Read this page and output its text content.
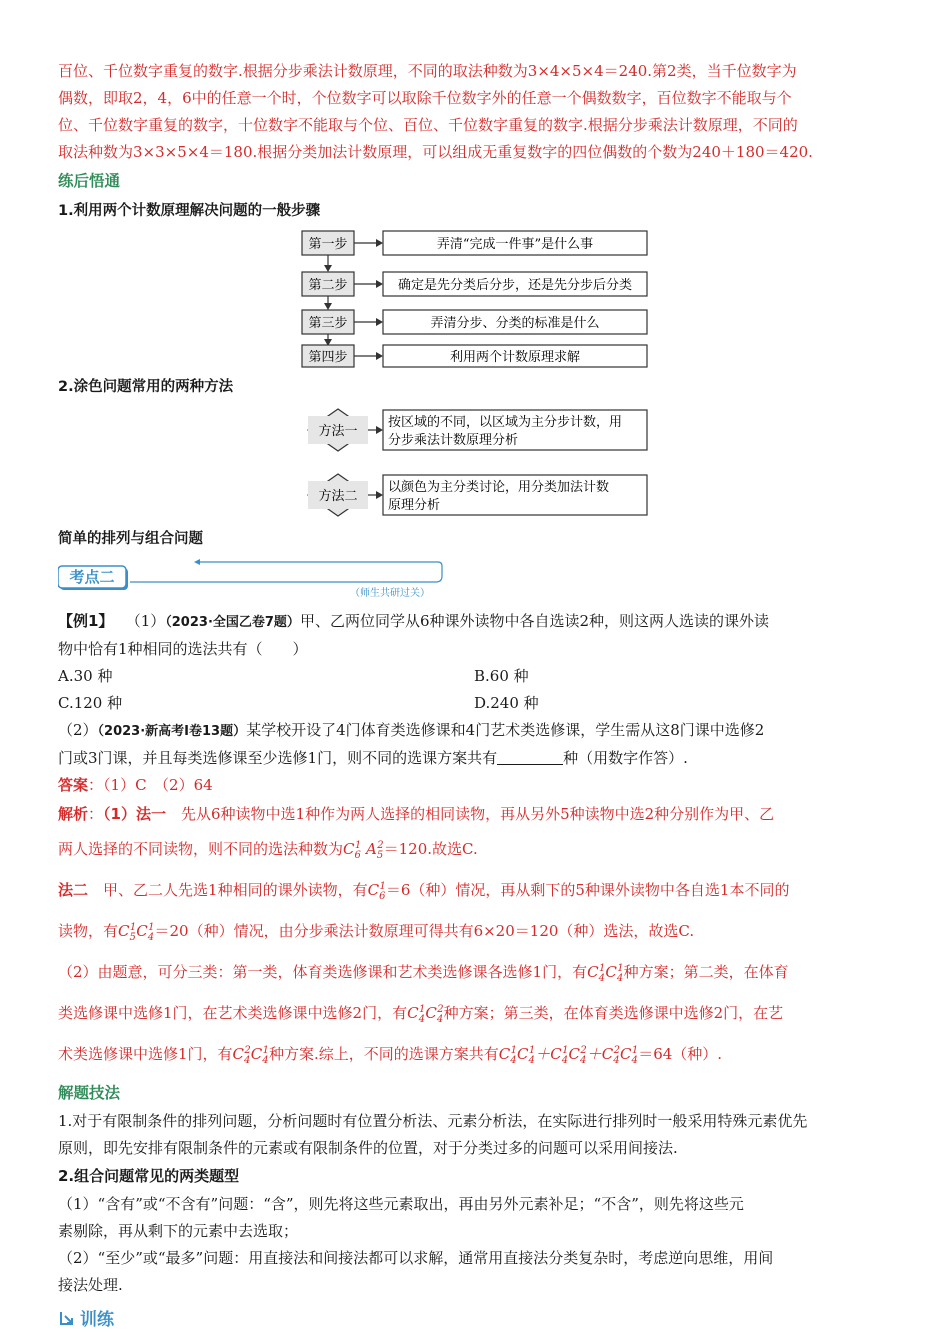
百位、千位数字重复的数字.根据分步乘法计数原理，不同的取法种数为3×4×5×4＝240.第2类，当千位数字为

偶数，即取2，4，6中的任意一个时，个位数字可以取除千位数字外的任意一个偶数数字，百位数字不能取与个

位、千位数字重复的数字，十位数字不能取与个位、百位、千位数字重复的数字.根据分步乘法计数原理，不同的

取法种数为3×3×5×4＝180.根据分类加法计数原理，可以组成无重复数字的四位偶数的个数为240＋180＝420.

练后悟通

1.利用两个计数原理解决问题的一般步骤

第一步	弄清“完成一件事”是什么事
第二步	确定是先分类后分步，还是先分步后分类
第三步	弄清分步、分类的标准是什么
第四步	利用两个计数原理求解

2.涂色问题常用的两种方法

方法一
按区域的不同，以区域为主分步计数，用
分步乘法计数原理分析
方法二
以颜色为主分类讨论，用分类加法计数
原理分析

简单的排列与组合问题

考点二
（师生共研过关）

【例1】　 （1）（2023·全国乙卷7题）甲、乙两位同学从6种课外读物中各自选读2种，则这两人选读的课外读

物中恰有1种相同的选法共有（　　）

A.30 种	B.60 种
C.120 种	D.240 种

（2）（2023·新高考Ⅰ卷13题）某学校开设了4门体育类选修课和4门艺术类选修课，学生需从这8门课中选修2

门或3门课，并且每类选修课至少选修1门，则不同的选课方案共有	种（用数字作答）.

答案：（1）C　（2）64

解析：（1）法一　 先从6种读物中选1种作为两人选择的相同读物，再从另外5种读物中选2种分别作为甲、乙

两人选择的不同读物，则不同的选法种数为$C_6^1$ $A_5^2=120$.故选C.

法二　 甲、乙二人先选1种相同的课外读物，有$C_6^1=6$（种）情况，再从剩下的5种课外读物中各自选1本不同的

读物，有$C_5^1C_4^1=20$（种）情况，由分步乘法计数原理可得共有6×20＝120（种）选法，故选C.

（2）由题意，可分三类：第一类，体育类选修课和艺术类选修课各选修1门，有$C_4^1C_4^1$种方案；第二类，在体育

类选修课中选修1门，在艺术类选修课中选修2门，有$C_4^1C_4^2$种方案；第三类，在体育类选修课中选修2门，在艺

术类选修课中选修1门，有$C_4^2C_4^1$种方案.综上，不同的选课方案共有$C_4^1C_4^1+C_4^1C_4^2+C_4^2C_4^1=64$（种）.

解题技法

1.对于有限制条件的排列问题，分析问题时有位置分析法、元素分析法，在实际进行排列时一般采用特殊元素优先

原则，即先安排有限制条件的元素或有限制条件的位置，对于分类过多的问题可以采用间接法.

2.组合问题常见的两类题型

（1）“含有”或“不含有”问题：“含”，则先将这些元素取出，再由另外元素补足；“不含”，则先将这些元

素剔除，再从剩下的元素中去选取；

（2）“至少”或“最多”问题：用直接法和间接法都可以求解，通常用直接法分类复杂时，考虑逆向思维，用间

接法处理.

训练
